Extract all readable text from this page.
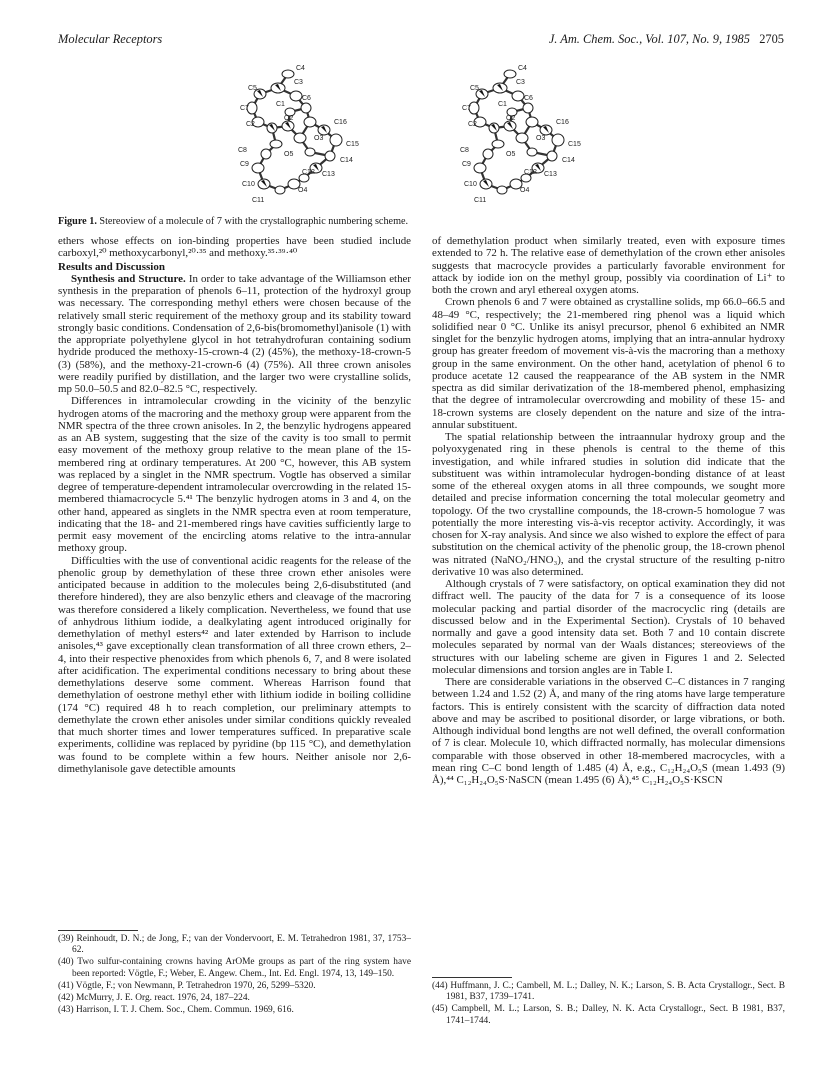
Molecular Receptors	J. Am. Chem. Soc., Vol. 107, No. 9, 1985 2705
C4
C3
C5
C6
C7
C1
C2
O2
C8
C9
C10
C11
O5
O3
C12
O4
C13
C14
C15
C16
C4
C3
C5
C6
C7
C1
C2
O2
C8
C9
C10
C11
O5
O3
C12
O4
C13
C14
C15
C16
Figure 1. Stereoview of a molecule of 7 with the crystallographic numbering scheme.

ethers whose effects on ion-binding properties have been studied include carboxyl,²⁰ methoxycarbonyl,²⁰·³⁵ and methoxy.³⁵·³⁹·⁴⁰

Results and Discussion

Synthesis and Structure. In order to take advantage of the Williamson ether synthesis in the preparation of phenols 6–11, protection of the hydroxyl group was necessary. The corresponding methyl ethers were chosen because of the relatively small steric requirement of the methoxy group and its stability toward strongly basic conditions. Condensation of 2,6-bis(bromomethyl)anisole (1) with the appropriate polyethylene glycol in hot tetrahydrofuran containing sodium hydride produced the methoxy-15-crown-4 (2) (45%), the methoxy-18-crown-5 (3) (58%), and the methoxy-21-crown-6 (4) (75%). All three crown anisoles were readily purified by distillation, and the larger two were crystalline solids, mp 50.0–50.5 and 82.0–82.5 °C, respectively.

Differences in intramolecular crowding in the vicinity of the benzylic hydrogen atoms of the macroring and the methoxy group were apparent from the NMR spectra of the three crown anisoles. In 2, the benzylic hydrogens appeared as an AB system, suggesting that the size of the cavity is too small to permit easy movement of the methoxy group relative to the mean plane of the 15-membered ring at ordinary temperatures. At 200 °C, however, this AB system was replaced by a singlet in the NMR spectrum. Vogtle has observed a similar degree of temperature-dependent intramolecular overcrowding in the related 15-membered thiamacrocycle 5.⁴¹ The benzylic hydrogen atoms in 3 and 4, on the other hand, appeared as singlets in the NMR spectra even at room temperature, indicating that the 18- and 21-membered rings have cavities sufficiently large to permit easy movement of the encircling atoms relative to the intra-annular methoxy group.

Difficulties with the use of conventional acidic reagents for the release of the phenolic group by demethylation of these three crown ether anisoles were anticipated because in addition to the molecules being 2,6-disubstituted (and therefore hindered), they are also benzylic ethers and cleavage of the macroring was therefore considered a likely complication. Nevertheless, we found that use of anhydrous lithium iodide, a dealkylating agent introduced originally for demethylation of methyl esters⁴² and later extended by Harrison to include anisoles,⁴³ gave exceptionally clean transformation of all three crown ethers, 2–4, into their respective phenoxides from which phenols 6, 7, and 8 were isolated after acidification. The experimental conditions necessary to bring about these demethylations deserve some comment. Whereas Harrison found that demethylation of oestrone methyl ether with lithium iodide in boiling collidine (174 °C) required 48 h to reach completion, our preliminary attempts to demethylate the crown ether anisoles under similar conditions quickly revealed that much shorter times and lower temperatures sufficed. In preparative scale experiments, collidine was replaced by pyridine (bp 115 °C), and demethylation was found to be complete within a few hours. Neither anisole nor 2,6-dimethylanisole gave detectible amounts

of demethylation product when similarly treated, even with exposure times extended to 72 h. The relative ease of demethylation of the crown ether anisoles suggests that macrocycle provides a particularly favorable environment for attack by iodide ion on the methyl group, possibly via coordination of Li⁺ to both the crown and aryl ethereal oxygen atoms.

Crown phenols 6 and 7 were obtained as crystalline solids, mp 66.0–66.5 and 48–49 °C, respectively; the 21-membered ring phenol was a liquid which solidified near 0 °C. Unlike its anisyl precursor, phenol 6 exhibited an NMR singlet for the benzylic hydrogen atoms, implying that an intra-annular hydroxy group has greater freedom of movement vis-à-vis the macroring than a methoxy group in the same environment. On the other hand, acetylation of phenol 6 to produce acetate 12 caused the reappearance of the AB system in the NMR spectra as did similar derivatization of the 18-membered phenol, emphasizing that the degree of intramolecular overcrowding and mobility of these 15- and 18-crown systems are closely dependent on the nature and size of the intra-annular substituent.

The spatial relationship between the intraannular hydroxy group and the polyoxygenated ring in these phenols is central to the theme of this investigation, and while infrared studies in solution did indicate that the substituent was within intramolecular hydrogen-bonding distance of at least some of the ethereal oxygen atoms in all three compounds, we sought more detailed and precise information concerning the total molecular geometry and topology. Of the two crystalline compounds, the 18-crown-5 homologue 7 was potentially the more interesting vis-à-vis receptor activity. Accordingly, it was chosen for X-ray analysis. And since we also wished to explore the effect of para substitution on the chemical activity of the phenolic group, the 18-crown phenol was nitrated (NaNO₂/HNO₃), and the crystal structure of the resulting p-nitro derivative 10 was also determined.

Although crystals of 7 were satisfactory, on optical examination they did not diffract well. The paucity of the data for 7 is a consequence of its loose molecular packing and partial disorder of the macrocyclic ring (details are discussed below and in the Experimental Section). Crystals of 10 behaved normally and gave a good intensity data set. Both 7 and 10 contain discrete molecules separated by normal van der Waals distances; stereoviews of the structures with our labeling scheme are given in Figures 1 and 2. Selected molecular dimensions and torsion angles are in Table I.

There are considerable variations in the observed C–C distances in 7 ranging between 1.24 and 1.52 (2) Å, and many of the ring atoms have large temperature factors. This is entirely consistent with the scarcity of diffraction data noted above and may be ascribed to positional disorder, or large vibrations, or both. Although individual bond lengths are not well defined, the overall conformation of 7 is clear. Molecule 10, which diffracted normally, has molecular dimensions comparable with those observed in other 18-membered macrocycles, with a mean ring C–C bond length of 1.485 (4) Å, e.g., C₁₂H₂₄O₅S (mean 1.493 (9) Å),⁴⁴ C₁₂H₂₄O₅S·NaSCN (mean 1.495 (6) Å),⁴⁵ C₁₂H₂₄O₅S·KSCN

(39) Reinhoudt, D. N.; de Jong, F.; van der Vondervoort, E. M. Tetrahedron 1981, 37, 1753–62.

(40) Two sulfur-containing crowns having ArOMe groups as part of the ring system have been reported: Vögtle, F.; Weber, E. Angew. Chem., Int. Ed. Engl. 1974, 13, 149–150.

(41) Vögtle, F.; von Newmann, P. Tetrahedron 1970, 26, 5299–5320.

(42) McMurry, J. E. Org. react. 1976, 24, 187–224.

(43) Harrison, I. T. J. Chem. Soc., Chem. Commun. 1969, 616.

(44) Huffmann, J. C.; Cambell, M. L.; Dalley, N. K.; Larson, S. B. Acta Crystallogr., Sect. B 1981, B37, 1739–1741.

(45) Campbell, M. L.; Larson, S. B.; Dalley, N. K. Acta Crystallogr., Sect. B 1981, B37, 1741–1744.
